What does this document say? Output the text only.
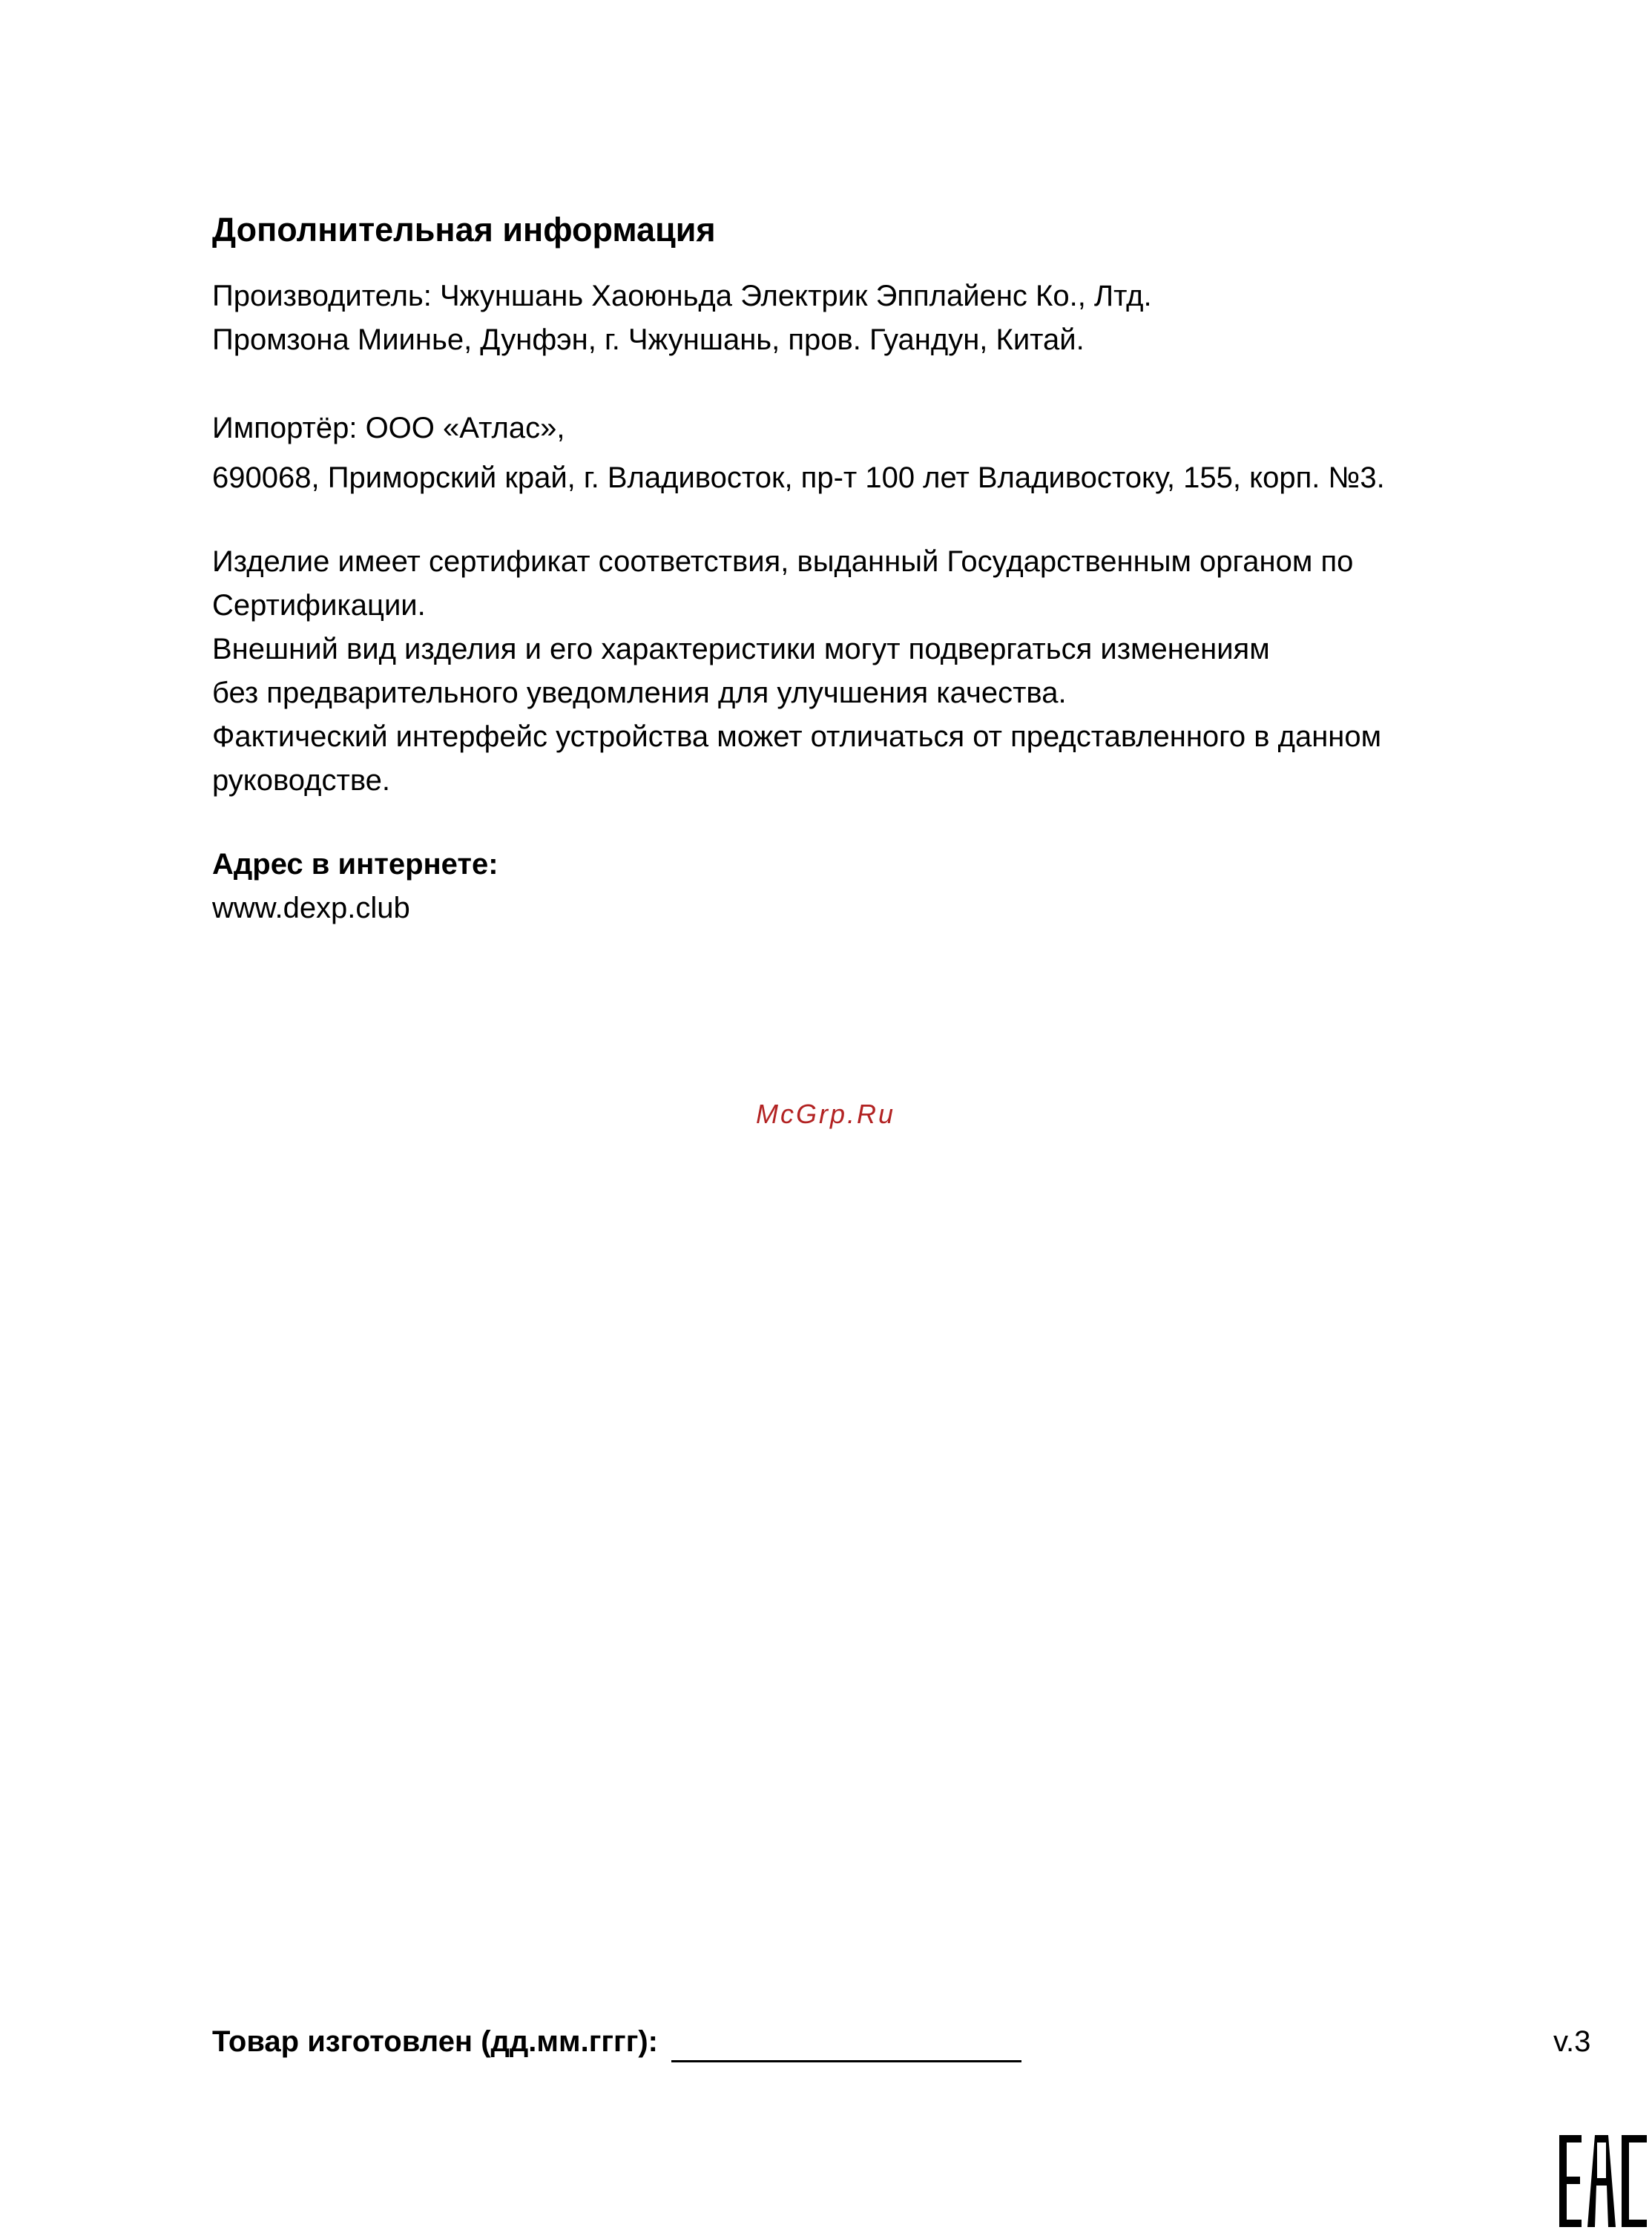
Дополнительная информация
Производитель: Чжуншань Хаоюньда Электрик Эпплайенс Ко., Лтд.
Промзона Миинье, Дунфэн, г. Чжуншань, пров. Гуандун, Китай.
Импортёр: ООО «Атлас»,
690068, Приморский край, г. Владивосток, пр-т 100 лет Владивостоку, 155, корп. №3.
Изделие имеет сертификат соответствия, выданный Государственным органом по
Сертификации.
Внешний вид изделия и его характеристики могут подвергаться изменениям
без предварительного уведомления для улучшения качества.
Фактический интерфейс устройства может отличаться от представленного в данном
руководстве.
Адрес в интернете:
www.dexp.club
McGrp.Ru
Товар изготовлен (дд.мм.гггг):	v.3
